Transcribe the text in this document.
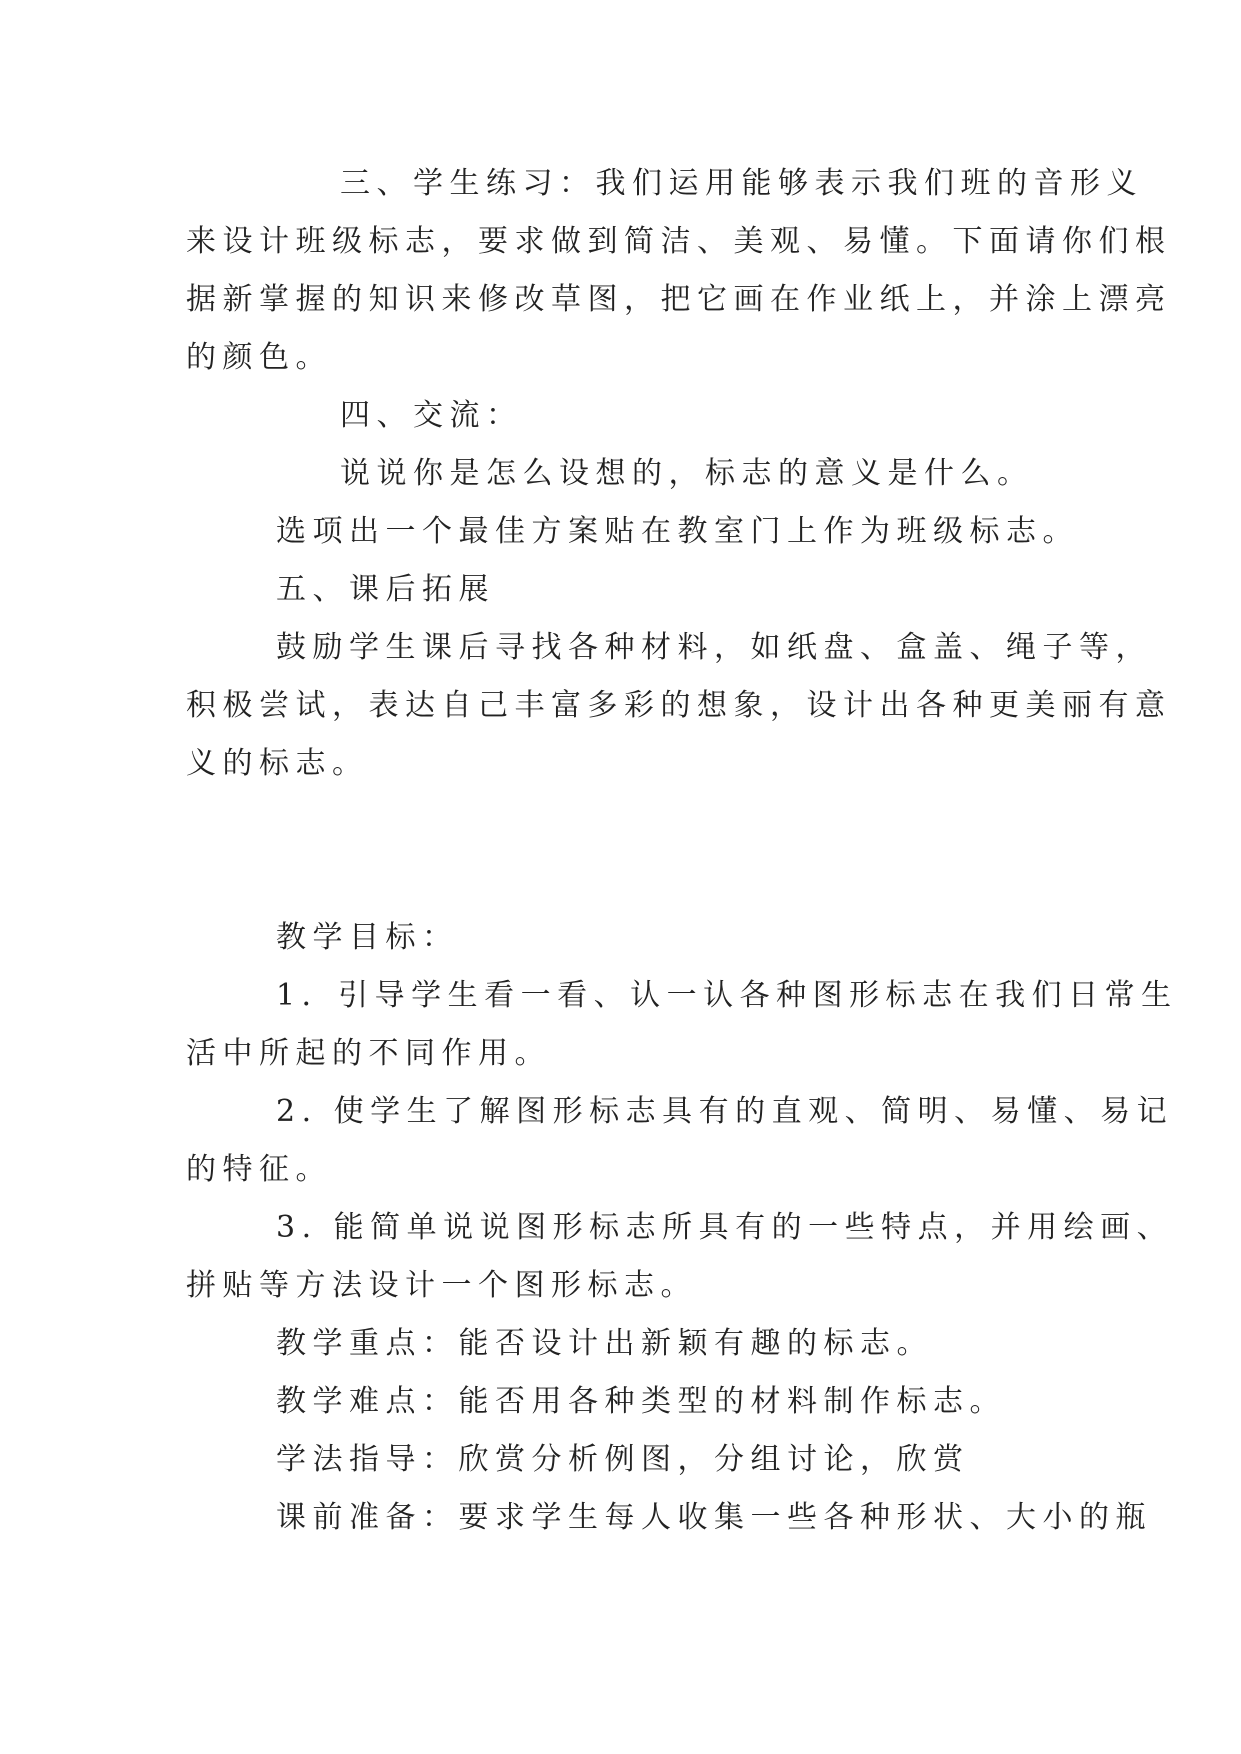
三、学生练习：我们运用能够表示我们班的音形义

来设计班级标志，要求做到简洁、美观、易懂。下面请你们根

据新掌握的知识来修改草图，把它画在作业纸上，并涂上漂亮

的颜色。

四、交流：

说说你是怎么设想的，标志的意义是什么。

选项出一个最佳方案贴在教室门上作为班级标志。

五、课后拓展

鼓励学生课后寻找各种材料，如纸盘、盒盖、绳子等，

积极尝试，表达自己丰富多彩的想象，设计出各种更美丽有意

义的标志。

教学目标：

1．引导学生看一看、认一认各种图形标志在我们日常生

活中所起的不同作用。

2. 使学生了解图形标志具有的直观、简明、易懂、易记

的特征。

3. 能简单说说图形标志所具有的一些特点，并用绘画、

拼贴等方法设计一个图形标志。

教学重点：能否设计出新颖有趣的标志。

教学难点：能否用各种类型的材料制作标志。

学法指导：欣赏分析例图，分组讨论，欣赏

课前准备：要求学生每人收集一些各种形状、大小的瓶
